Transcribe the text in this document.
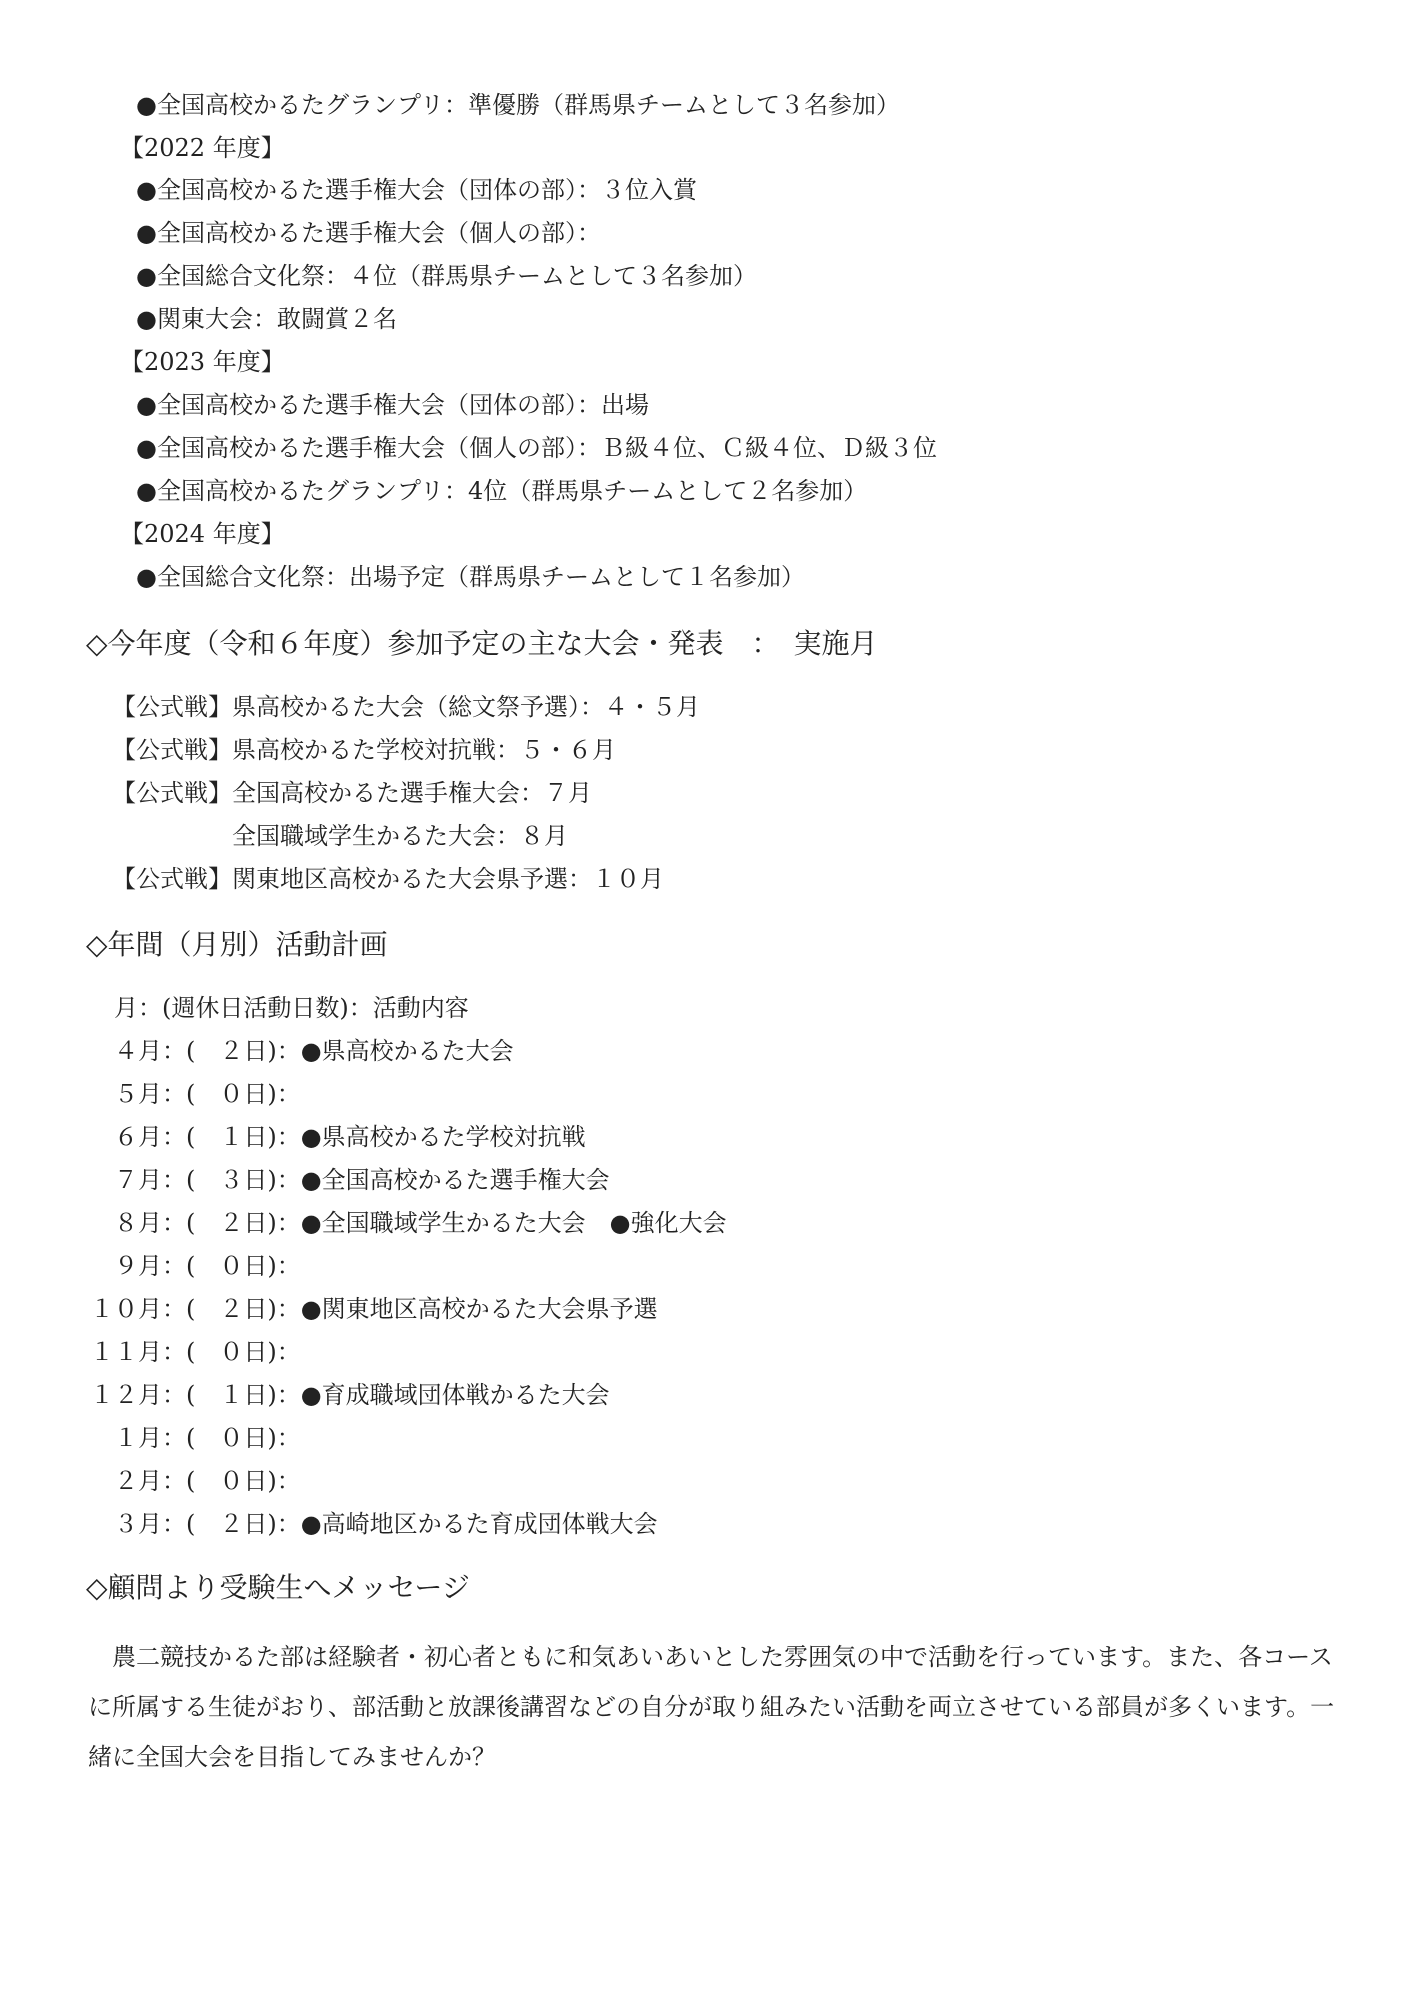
●全国高校かるたグランプリ：準優勝（群馬県チームとして３名参加）
【2022 年度】
●全国高校かるた選手権大会（団体の部）：３位入賞
●全国高校かるた選手権大会（個人の部）：
●全国総合文化祭：４位（群馬県チームとして３名参加）
●関東大会：敢闘賞２名
【2023 年度】
●全国高校かるた選手権大会（団体の部）：出場
●全国高校かるた選手権大会（個人の部）：Ｂ級４位、Ｃ級４位、Ｄ級３位
●全国高校かるたグランプリ：4位（群馬県チームとして２名参加）
【2024 年度】
●全国総合文化祭：出場予定（群馬県チームとして１名参加）
◇今年度（令和６年度）参加予定の主な大会・発表　：　実施月
【公式戦】県高校かるた大会（総文祭予選）：４・５月
【公式戦】県高校かるた学校対抗戦：５・６月
【公式戦】全国高校かるた選手権大会：７月
　　　　　全国職域学生かるた大会：８月
【公式戦】関東地区高校かるた大会県予選：１０月
◇年間（月別）活動計画
月：(週休日活動日数)：活動内容
４月：(　２日)：●県高校かるた大会
５月：(　０日)：
６月：(　１日)：●県高校かるた学校対抗戦
７月：(　３日)：●全国高校かるた選手権大会
８月：(　２日)：●全国職域学生かるた大会　●強化大会
９月：(　０日)：
１０月：(　２日)：●関東地区高校かるた大会県予選
１１月：(　０日)：
１２月：(　１日)：●育成職域団体戦かるた大会
１月：(　０日)：
２月：(　０日)：
３月：(　２日)：●高崎地区かるた育成団体戦大会
◇顧問より受験生へメッセージ
農二競技かるた部は経験者・初心者ともに和気あいあいとした雰囲気の中で活動を行っています。また、各コースに所属する生徒がおり、部活動と放課後講習などの自分が取り組みたい活動を両立させている部員が多くいます。一緒に全国大会を目指してみませんか？
